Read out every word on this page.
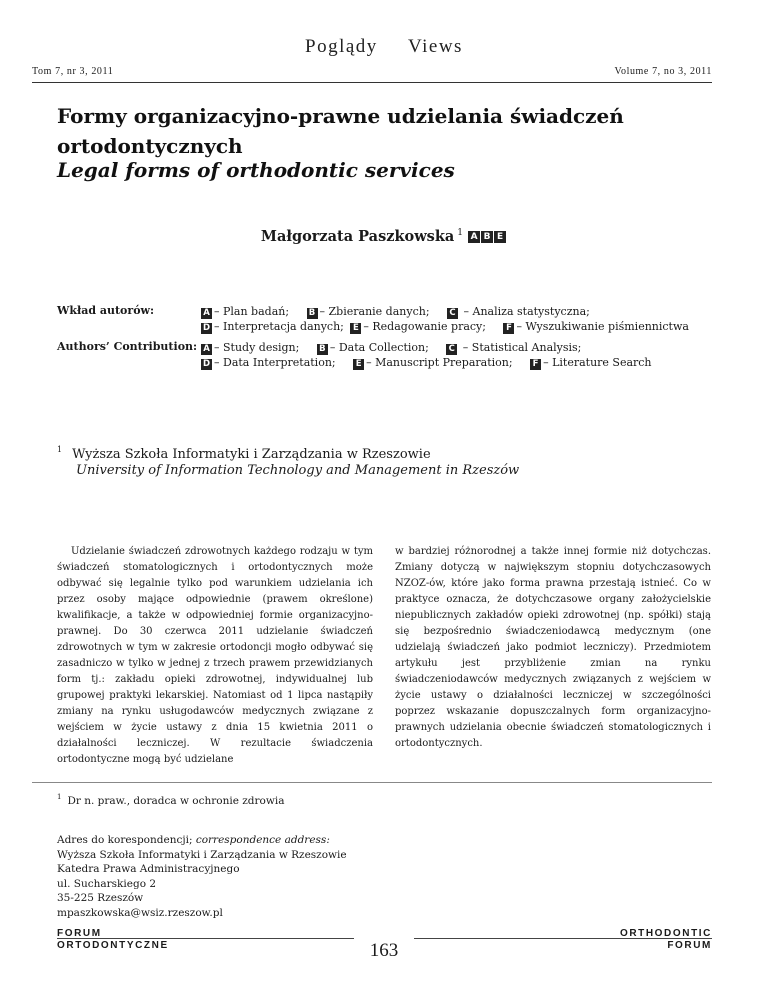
Poglądy Views
Tom 7, nr 3, 2011	Volume 7, no 3, 2011
Formy organizacyjno-prawne udzielania świadczeń ortodontycznych
Legal forms of orthodontic services
Małgorzata Paszkowska $^1$ A B E
Wkład autorów:	A – Plan badań; B – Zbieranie danych; C – Analiza statystyczna;
D – Interpretacja danych; E – Redagowanie pracy; F – Wyszukiwanie piśmiennictwa
Authors’ Contribution: A – Study design; B – Data Collection; C – Statistical Analysis;
D – Data Interpretation; E – Manuscript Preparation; F – Literature Search
$^1$ Wyższa Szkoła Informatyki i Zarządzania w Rzeszowie
University of Information Technology and Management in Rzeszów
Udzielanie świadczeń zdrowotnych każdego rodzaju w tym świadczeń stomatologicznych i ortodontycznych może odbywać się legalnie tylko pod warunkiem udzielania ich przez osoby mające odpowiednie (prawem określone) kwalifikacje, a także w odpowiedniej formie organizacyjno-prawnej. Do 30 czerwca 2011 udzielanie świadczeń zdrowotnych w tym w zakresie ortodoncji mogło odbywać się zasadniczo w tylko w jednej z trzech prawem przewidzianych form tj.: zakładu opieki zdrowotnej, indywidualnej lub grupowej praktyki lekarskiej. Natomiast od 1 lipca nastąpiły zmiany na rynku usługodawców medycznych związane z wejściem w życie ustawy z dnia 15 kwietnia 2011 o działalności leczniczej. W rezultacie świadczenia ortodontyczne mogą być udzielane
w bardziej różnorodnej a także innej formie niż dotychczas. Zmiany dotyczą w największym stopniu dotychczasowych NZOZ-ów, które jako forma prawna przestają istnieć. Co w praktyce oznacza, że dotychczasowe organy założycielskie niepublicznych zakładów opieki zdrowotnej (np. spółki) stają się bezpośrednio świadczeniodawcą medycznym (one udzielają świadczeń jako podmiot leczniczy). Przedmiotem artykułu jest przybliżenie zmian na rynku świadczeniodawców medycznych związanych z wejściem w życie ustawy o działalności leczniczej w szczególności poprzez wskazanie dopuszczalnych form organizacyjno-prawnych udzielania obecnie świadczeń stomatologicznych i ortodontycznych.
$^1$ Dr n. praw., doradca w ochronie zdrowia
Adres do korespondencji; correspondence address:
Wyższa Szkoła Informatyki i Zarządzania w Rzeszowie
Katedra Prawa Administracyjnego
ul. Sucharskiego 2
35-225 Rzeszów
mpaszkowska@wsiz.rzeszow.pl
FORUM
ORTODONTYCZNE	163
ORTHODONTIC
FORUM
